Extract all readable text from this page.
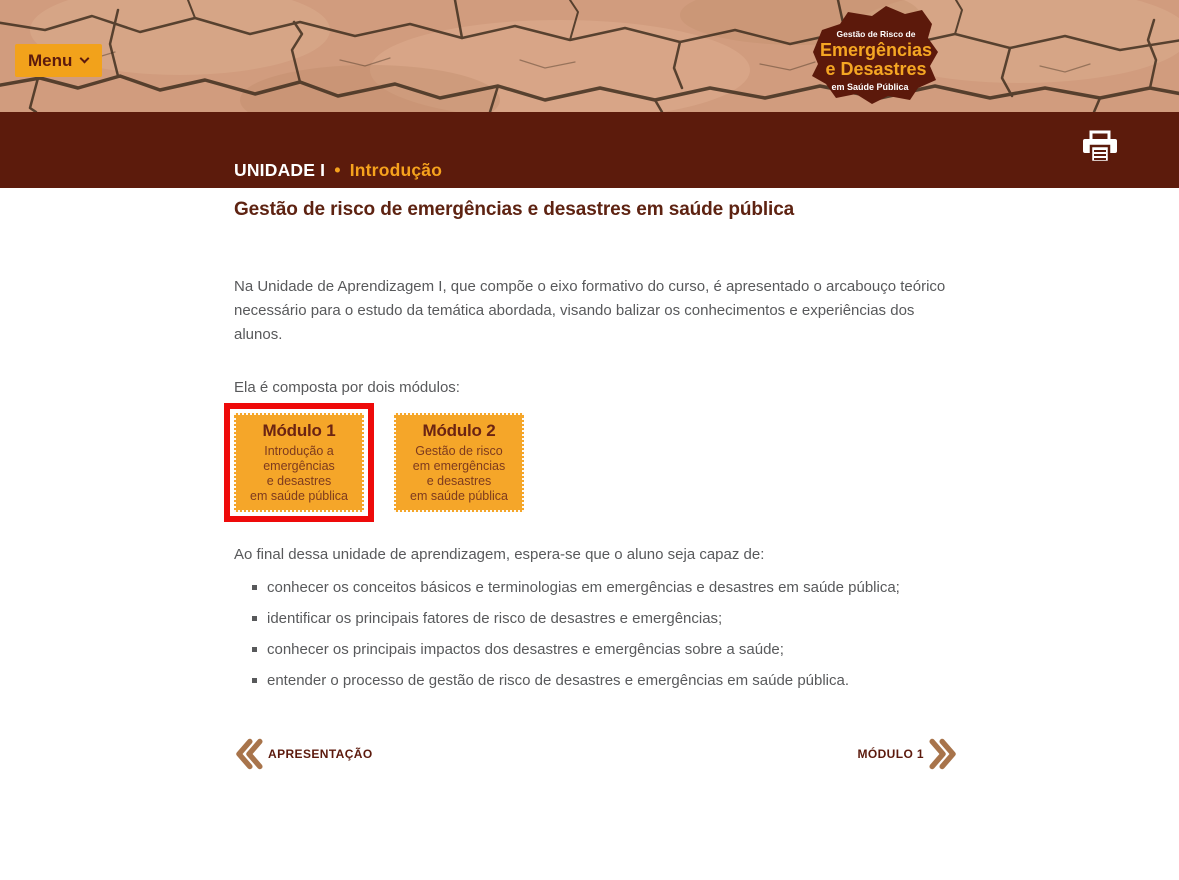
Menu
Gestão de Risco de
Emergências
e Desastres
em Saúde Pública
UNIDADE I • Introdução
Gestão de risco de emergências e desastres em saúde pública

Na Unidade de Aprendizagem I, que compõe o eixo formativo do curso, é apresentado o arcabouço teórico necessário para o estudo da temática abordada, visando balizar os conhecimentos e experiências dos alunos.

Ela é composta por dois módulos:

Módulo 1
Introdução a
emergências
e desastres
em saúde pública
Módulo 2
Gestão de risco
em emergências
e desastres
em saúde pública

Ao final dessa unidade de aprendizagem, espera-se que o aluno seja capaz de:

conhecer os conceitos básicos e terminologias em emergências e desastres em saúde pública;
identificar os principais fatores de risco de desastres e emergências;
conhecer os principais impactos dos desastres e emergências sobre a saúde;
entender o processo de gestão de risco de desastres e emergências em saúde pública.
APRESENTAÇÃO	MÓDULO 1
